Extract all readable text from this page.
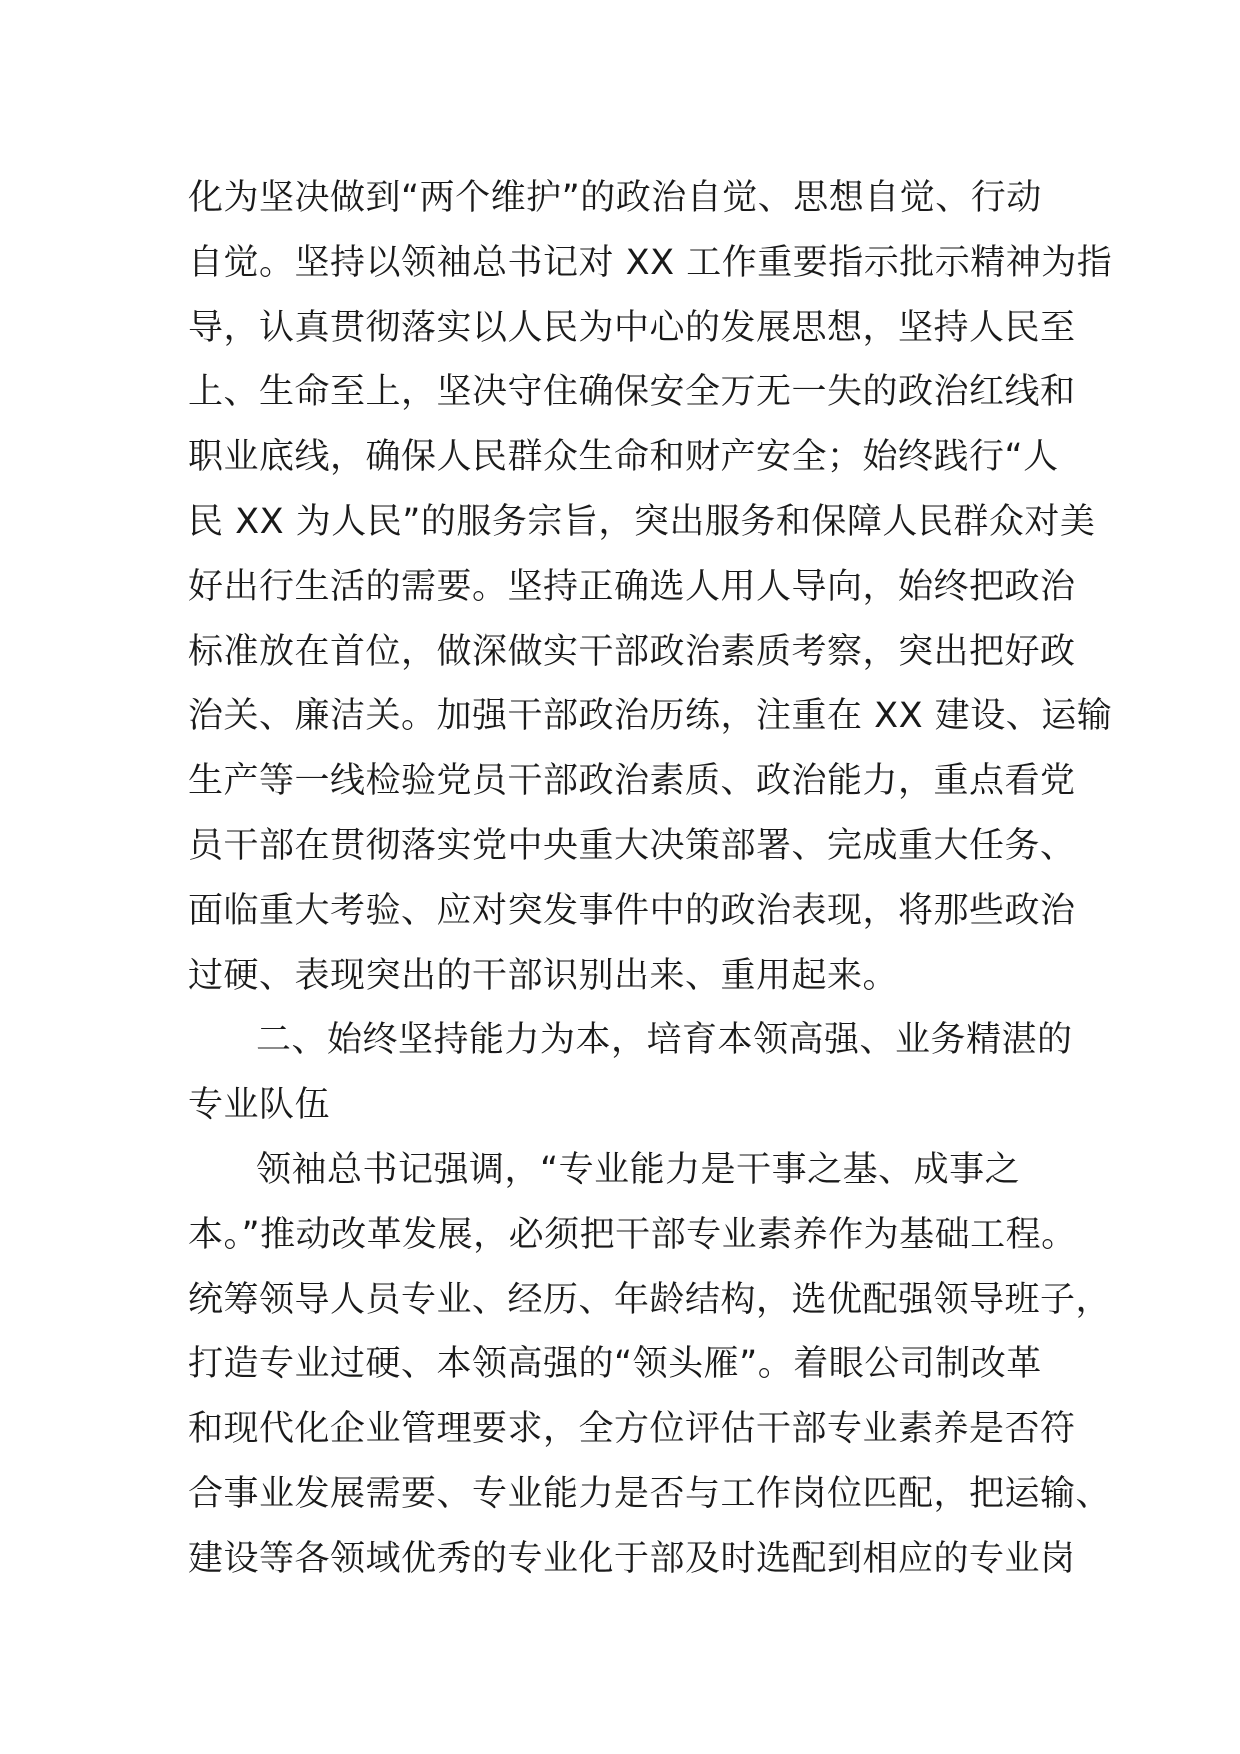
化为坚决做到“两个维护”的政治自觉、思想自觉、行动
自觉。坚持以领袖总书记对 XX 工作重要指示批示精神为指
导，认真贯彻落实以人民为中心的发展思想，坚持人民至
上、生命至上，坚决守住确保安全万无一失的政治红线和
职业底线，确保人民群众生命和财产安全；始终践行“人
民 XX 为人民”的服务宗旨，突出服务和保障人民群众对美
好出行生活的需要。坚持正确选人用人导向，始终把政治
标准放在首位，做深做实干部政治素质考察，突出把好政
治关、廉洁关。加强干部政治历练，注重在 XX 建设、运输
生产等一线检验党员干部政治素质、政治能力，重点看党
员干部在贯彻落实党中央重大决策部署、完成重大任务、
面临重大考验、应对突发事件中的政治表现，将那些政治
过硬、表现突出的干部识别出来、重用起来。

二、始终坚持能力为本，培育本领高强、业务精湛的
专业队伍

领袖总书记强调，“专业能力是干事之基、成事之
本。”推动改革发展，必须把干部专业素养作为基础工程。
统筹领导人员专业、经历、年龄结构，选优配强领导班子，
打造专业过硬、本领高强的“领头雁”。着眼公司制改革
和现代化企业管理要求，全方位评估干部专业素养是否符
合事业发展需要、专业能力是否与工作岗位匹配，把运输、
建设等各领域优秀的专业化于部及时选配到相应的专业岗
